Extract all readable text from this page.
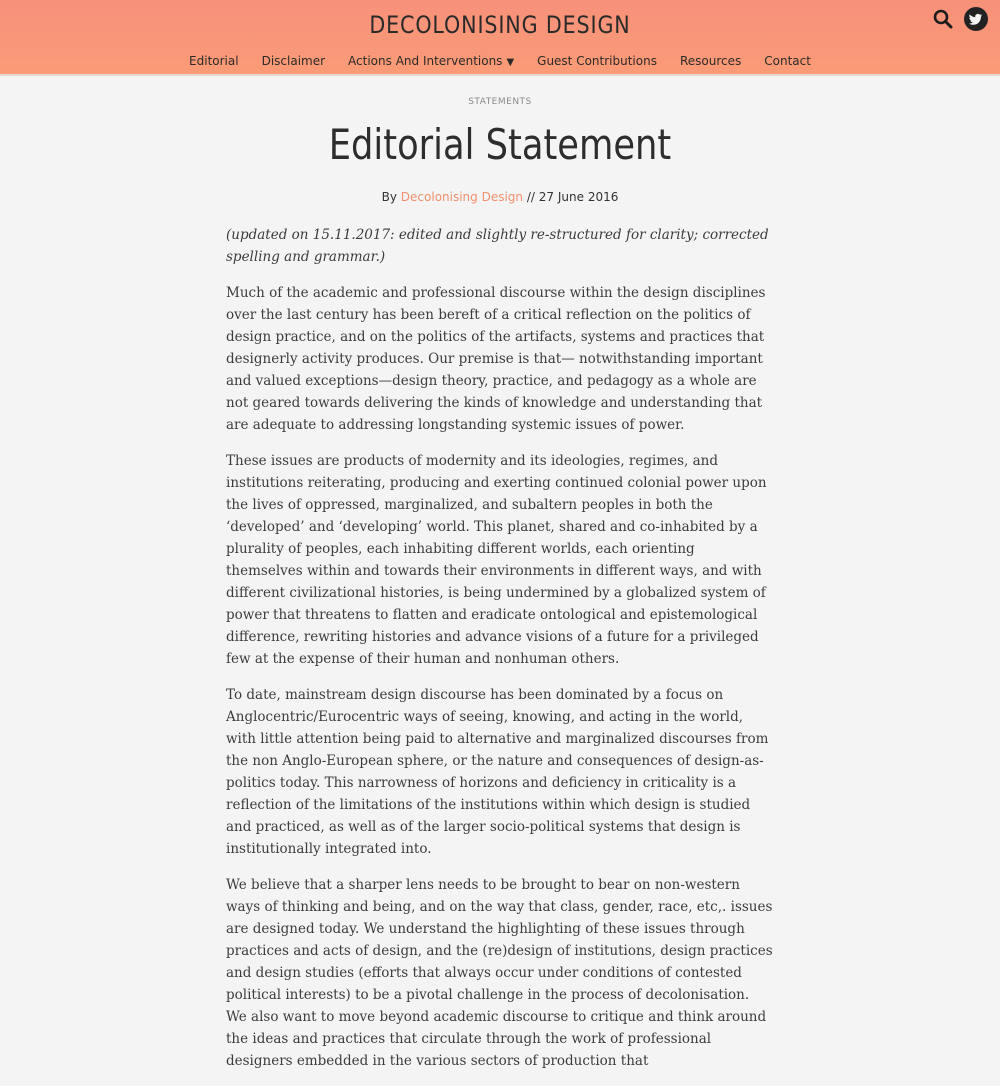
DECOLONISING DESIGN
Editorial Disclaimer Actions And Interventions ▼ Guest Contributions Resources Contact
STATEMENTS
Editorial Statement
By Decolonising Design // 27 June 2016

(updated on 15.11.2017: edited and slightly re-structured for clarity; corrected spelling and grammar.)

Much of the academic and professional discourse within the design disciplines over the last century has been bereft of a critical reflection on the politics of design practice, and on the politics of the artifacts, systems and practices that designerly activity produces. Our premise is that— notwithstanding important and valued exceptions—design theory, practice, and pedagogy as a whole are not geared towards delivering the kinds of knowledge and understanding that are adequate to addressing longstanding systemic issues of power.

These issues are products of modernity and its ideologies, regimes, and institutions reiterating, producing and exerting continued colonial power upon the lives of oppressed, marginalized, and subaltern peoples in both the ‘developed’ and ‘developing’ world. This planet, shared and co-inhabited by a plurality of peoples, each inhabiting different worlds, each orienting themselves within and towards their environments in different ways, and with different civilizational histories, is being undermined by a globalized system of power that threatens to flatten and eradicate ontological and epistemological difference, rewriting histories and advance visions of a future for a privileged few at the expense of their human and nonhuman others.

To date, mainstream design discourse has been dominated by a focus on Anglocentric/Eurocentric ways of seeing, knowing, and acting in the world, with little attention being paid to alternative and marginalized discourses from the non Anglo-European sphere, or the nature and consequences of design-as-politics today. This narrowness of horizons and deficiency in criticality is a reflection of the limitations of the institutions within which design is studied and practiced, as well as of the larger socio-political systems that design is institutionally integrated into.

We believe that a sharper lens needs to be brought to bear on non-western ways of thinking and being, and on the way that class, gender, race, etc,. issues are designed today. We understand the highlighting of these issues through practices and acts of design, and the (re)design of institutions, design practices and design studies (efforts that always occur under conditions of contested political interests) to be a pivotal challenge in the process of decolonisation. We also want to move beyond academic discourse to critique and think around the ideas and practices that circulate through the work of professional designers embedded in the various sectors of production that
